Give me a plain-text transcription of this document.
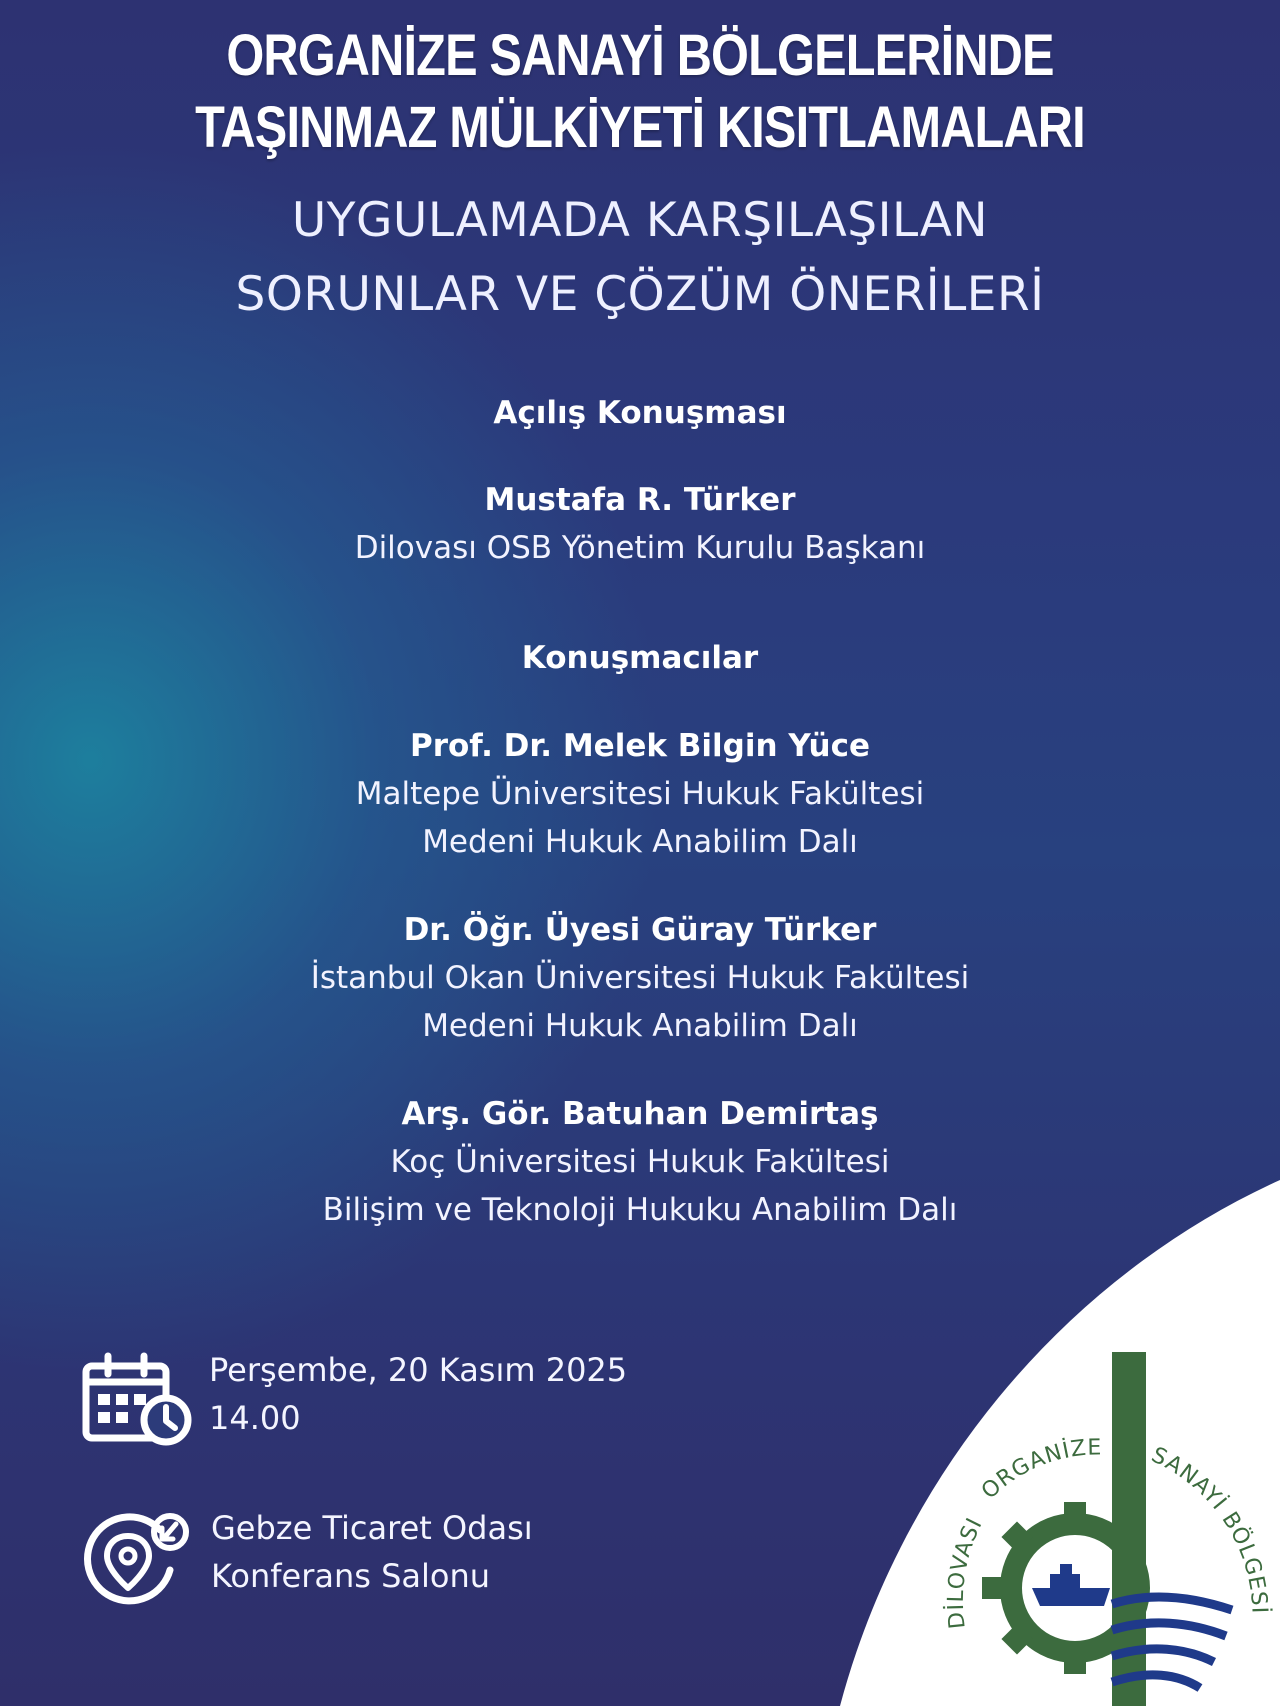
ORGANİZE SANAYİ BÖLGELERİNDE
TAŞINMAZ MÜLKİYETİ KISITLAMALARI
UYGULAMADA KARŞILAŞILAN
SORUNLAR VE ÇÖZÜM ÖNERİLERİ
Açılış Konuşması
Mustafa R. Türker
Dilovası OSB Yönetim Kurulu Başkanı
Konuşmacılar
Prof. Dr. Melek Bilgin Yüce
Maltepe Üniversitesi Hukuk Fakültesi
Medeni Hukuk Anabilim Dalı
Dr. Öğr. Üyesi Güray Türker
İstanbul Okan Üniversitesi Hukuk Fakültesi
Medeni Hukuk Anabilim Dalı
Arş. Gör. Batuhan Demirtaş
Koç Üniversitesi Hukuk Fakültesi
Bilişim ve Teknoloji Hukuku Anabilim Dalı
Perşembe, 20 Kasım 2025
14.00
Gebze Ticaret Odası
Konferans Salonu
DİLOVASI
ORGANİZE SANAYİ BÖLGESİ
